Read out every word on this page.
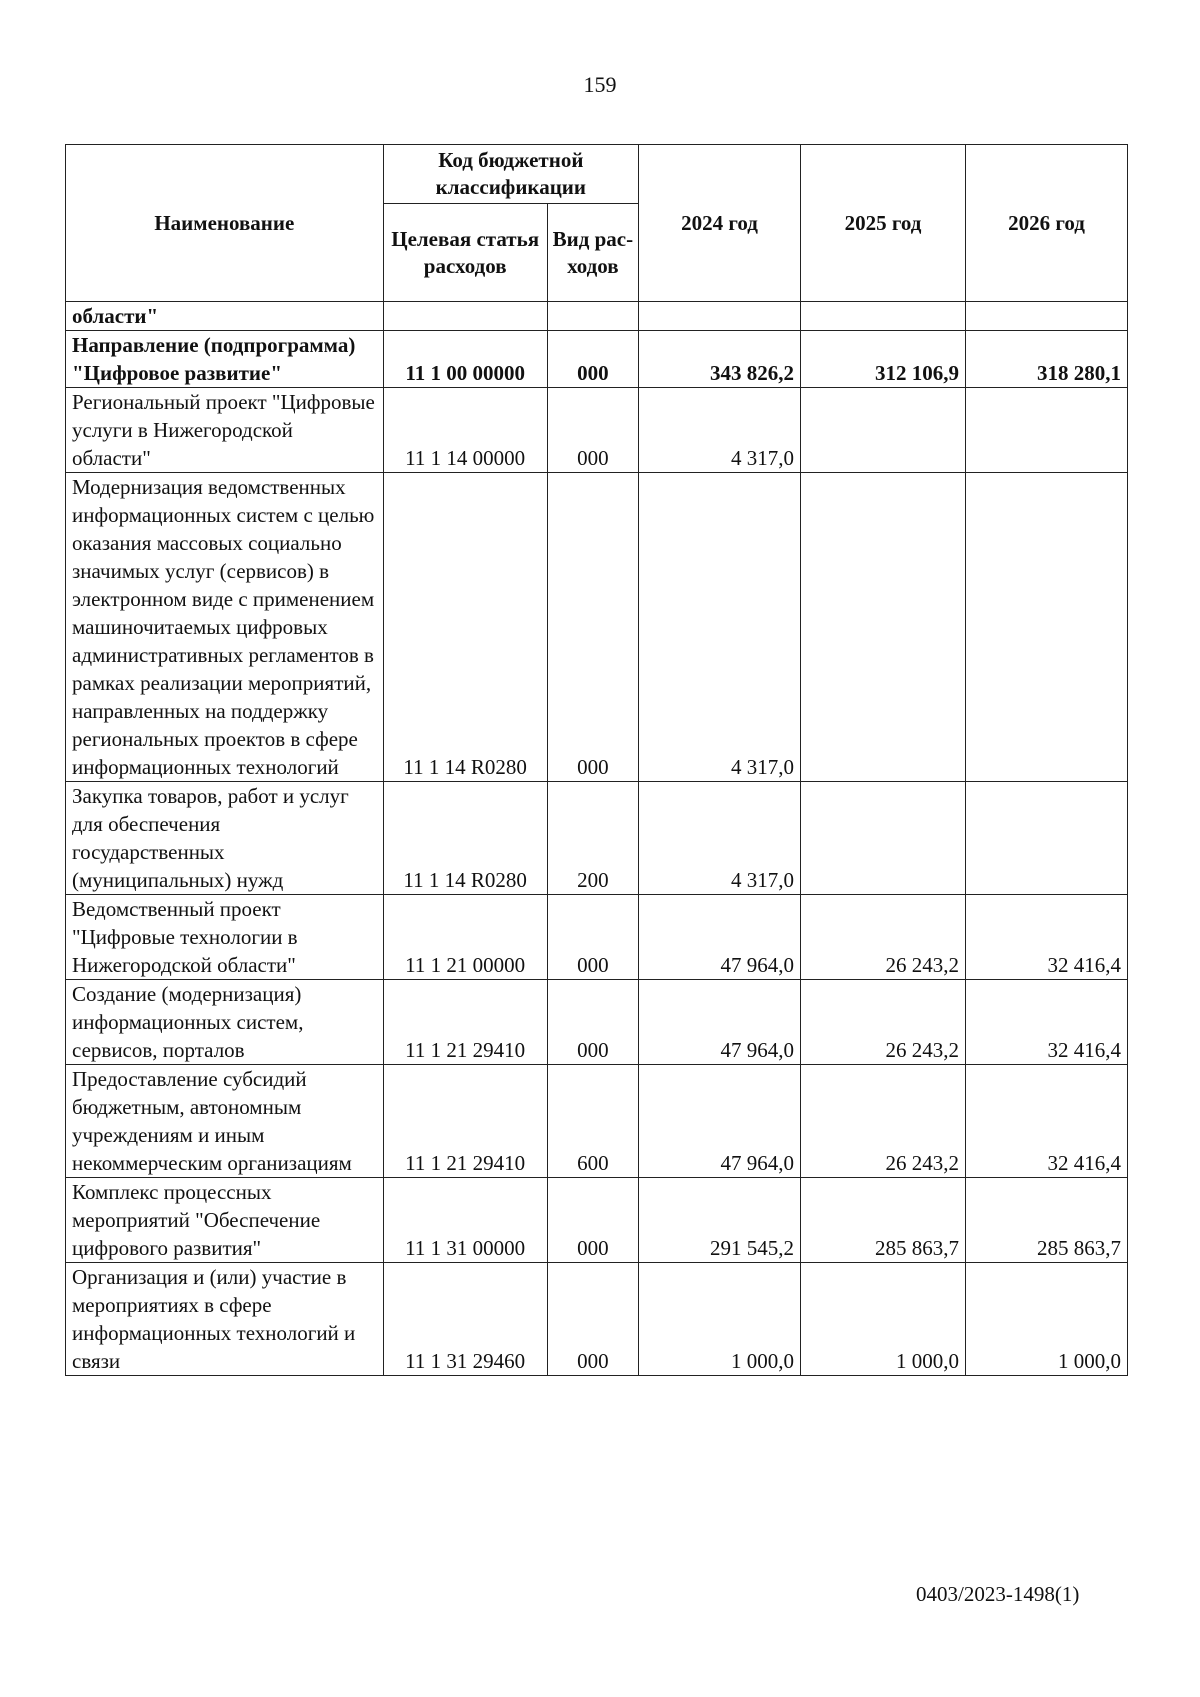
159
Наименование	Код бюджетной классификации		2024 год	2025 год	2026 год
	Целевая статья расходов	Вид рас-ходов			
области"					
Направление (подпрограмма) "Цифровое развитие"	11 1 00 00000	000	343 826,2	312 106,9	318 280,1
Региональный проект "Цифровые услуги в Нижегородской области"	11 1 14 00000	000	4 317,0		
Модернизация ведомственных информационных систем с целью оказания массовых социально значимых услуг (сервисов) в электронном виде с применением машиночитаемых цифровых административных регламентов в рамках реализации мероприятий, направленных на поддержку региональных проектов в сфере информационных технологий	11 1 14 R0280	000	4 317,0		
Закупка товаров, работ и услуг для обеспечения государственных (муниципальных) нужд	11 1 14 R0280	200	4 317,0		
Ведомственный проект "Цифровые технологии в Нижегородской области"	11 1 21 00000	000	47 964,0	26 243,2	32 416,4
Создание (модернизация) информационных систем, сервисов, порталов	11 1 21 29410	000	47 964,0	26 243,2	32 416,4
Предоставление субсидий бюджетным, автономным учреждениям и иным некоммерческим организациям	11 1 21 29410	600	47 964,0	26 243,2	32 416,4
Комплекс процессных мероприятий "Обеспечение цифрового развития"	11 1 31 00000	000	291 545,2	285 863,7	285 863,7
Организация и (или) участие в мероприятиях в сфере информационных технологий и связи	11 1 31 29460	000	1 000,0	1 000,0	1 000,0
0403/2023-1498(1)
